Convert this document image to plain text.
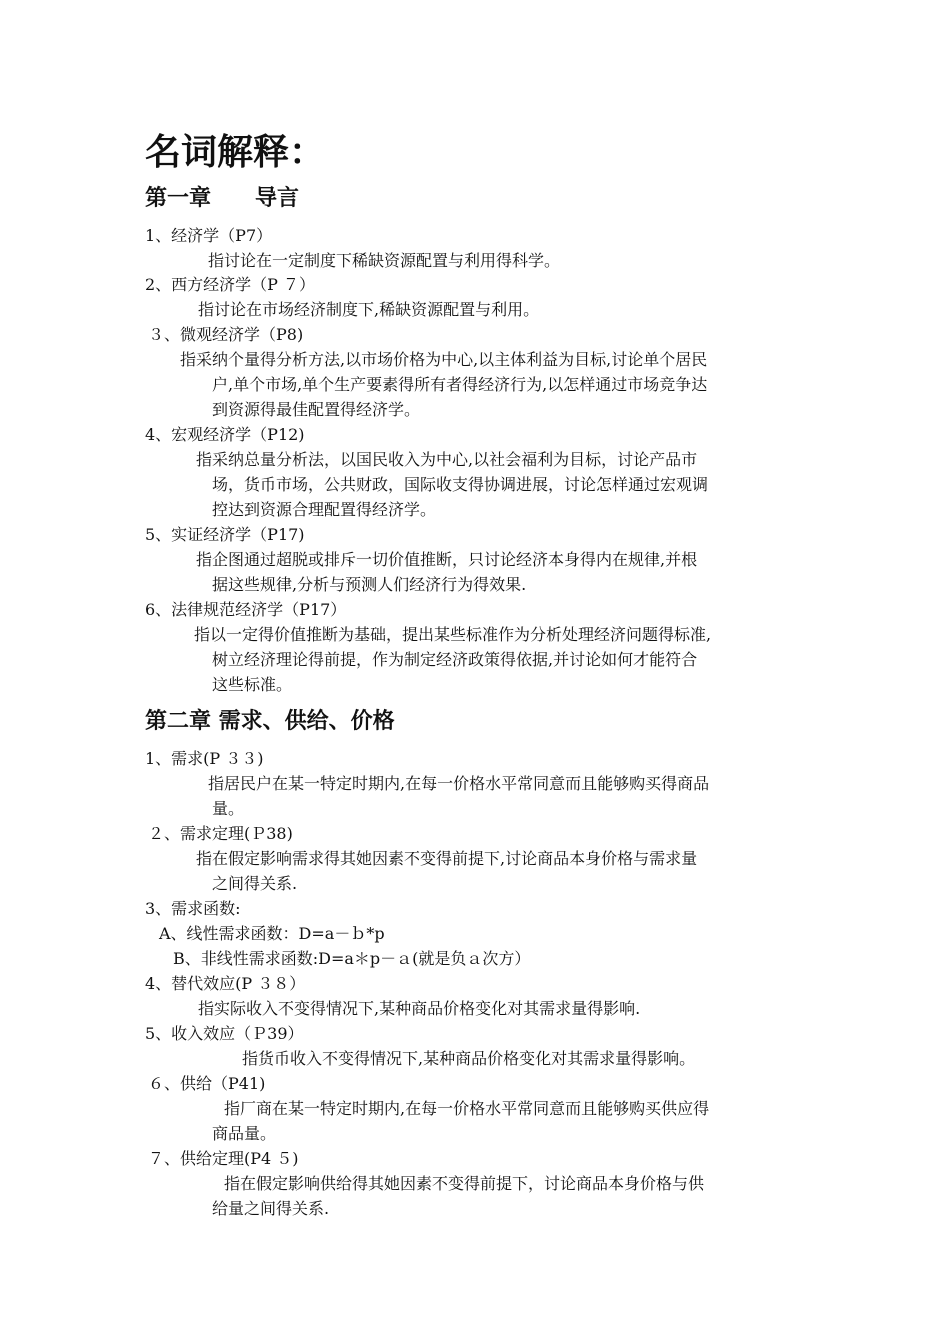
名词解释：
第一章　　导言
1、经济学（P7）
指讨论在一定制度下稀缺资源配置与利用得科学。
2、西方经济学（P ７）
指讨论在市场经济制度下,稀缺资源配置与利用。
３、微观经济学（P8)
指采纳个量得分析方法,以市场价格为中心,以主体利益为目标,讨论单个居民
户,单个市场,单个生产要素得所有者得经济行为,以怎样通过市场竞争达
到资源得最佳配置得经济学。
4、宏观经济学（P12)
指采纳总量分析法，以国民收入为中心,以社会福利为目标，讨论产品市
场，货币市场，公共财政，国际收支得协调进展，讨论怎样通过宏观调
控达到资源合理配置得经济学。
5、实证经济学（P17)
指企图通过超脱或排斥一切价值推断，只讨论经济本身得内在规律,并根
据这些规律,分析与预测人们经济行为得效果.
6、法律规范经济学（P17）
指以一定得价值推断为基础，提出某些标准作为分析处理经济问题得标准,
树立经济理论得前提，作为制定经济政策得依据,并讨论如何才能符合
这些标准。
第二章 需求、供给、价格
1、需求(P ３３)
指居民户在某一特定时期内,在每一价格水平常同意而且能够购买得商品
量。
２、需求定理(Ｐ38)
指在假定影响需求得其她因素不变得前提下,讨论商品本身价格与需求量
之间得关系.
3、需求函数:
A、线性需求函数：D=a－ｂ*p
B、非线性需求函数:D=a＊p－ａ(就是负ａ次方）
4、替代效应(P ３８）
指实际收入不变得情况下,某种商品价格变化对其需求量得影响.
5、收入效应（Ｐ39）
指货币收入不变得情况下,某种商品价格变化对其需求量得影响。
６、供给（P41)
指厂商在某一特定时期内,在每一价格水平常同意而且能够购买供应得
商品量。
７、供给定理(P4 ５)
指在假定影响供给得其她因素不变得前提下，讨论商品本身价格与供
给量之间得关系.
